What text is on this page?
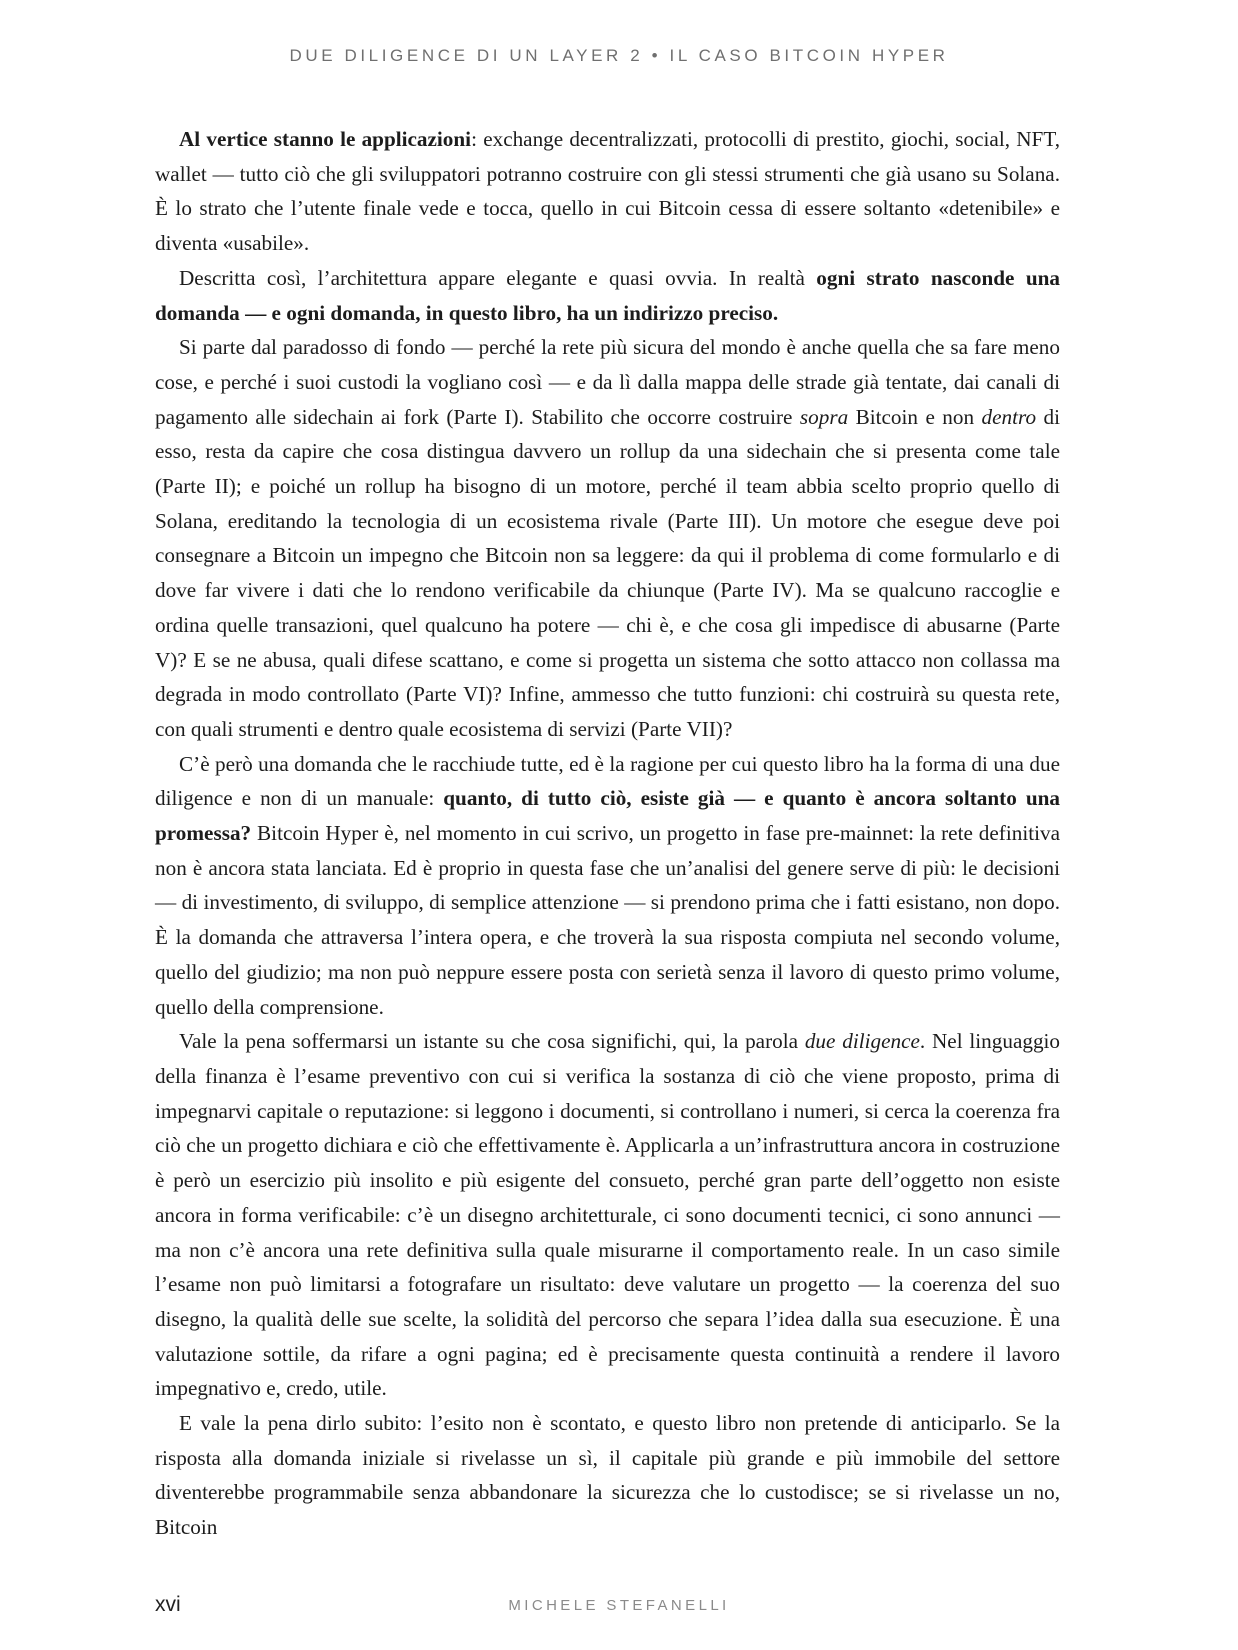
DUE DILIGENCE DI UN LAYER 2 • IL CASO BITCOIN HYPER

Al vertice stanno le applicazioni: exchange decentralizzati, protocolli di prestito, giochi, social, NFT, wallet — tutto ciò che gli sviluppatori potranno costruire con gli stessi strumenti che già usano su Solana. È lo strato che l’utente finale vede e tocca, quello in cui Bitcoin cessa di essere soltanto «detenibile» e diventa «usabile».

Descritta così, l’architettura appare elegante e quasi ovvia. In realtà ogni strato nasconde una domanda — e ogni domanda, in questo libro, ha un indirizzo preciso.

Si parte dal paradosso di fondo — perché la rete più sicura del mondo è anche quella che sa fare meno cose, e perché i suoi custodi la vogliano così — e da lì dalla mappa delle strade già tentate, dai canali di pagamento alle sidechain ai fork (Parte I). Stabilito che occorre costruire sopra Bitcoin e non dentro di esso, resta da capire che cosa distingua davvero un rollup da una sidechain che si presenta come tale (Parte II); e poiché un rollup ha bisogno di un motore, perché il team abbia scelto proprio quello di Solana, ereditando la tecnologia di un ecosistema rivale (Parte III). Un motore che esegue deve poi consegnare a Bitcoin un impegno che Bitcoin non sa leggere: da qui il problema di come formularlo e di dove far vivere i dati che lo rendono verificabile da chiunque (Parte IV). Ma se qualcuno raccoglie e ordina quelle transazioni, quel qualcuno ha potere — chi è, e che cosa gli impedisce di abusarne (Parte V)? E se ne abusa, quali difese scattano, e come si progetta un sistema che sotto attacco non collassa ma degrada in modo controllato (Parte VI)? Infine, ammesso che tutto funzioni: chi costruirà su questa rete, con quali strumenti e dentro quale ecosistema di servizi (Parte VII)?

C’è però una domanda che le racchiude tutte, ed è la ragione per cui questo libro ha la forma di una due diligence e non di un manuale: quanto, di tutto ciò, esiste già — e quanto è ancora soltanto una promessa? Bitcoin Hyper è, nel momento in cui scrivo, un progetto in fase pre-mainnet: la rete definitiva non è ancora stata lanciata. Ed è proprio in questa fase che un’analisi del genere serve di più: le decisioni — di investimento, di sviluppo, di semplice attenzione — si prendono prima che i fatti esistano, non dopo. È la domanda che attraversa l’intera opera, e che troverà la sua risposta compiuta nel secondo volume, quello del giudizio; ma non può neppure essere posta con serietà senza il lavoro di questo primo volume, quello della comprensione.

Vale la pena soffermarsi un istante su che cosa significhi, qui, la parola due diligence. Nel linguaggio della finanza è l’esame preventivo con cui si verifica la sostanza di ciò che viene proposto, prima di impegnarvi capitale o reputazione: si leggono i documenti, si controllano i numeri, si cerca la coerenza fra ciò che un progetto dichiara e ciò che effettivamente è. Applicarla a un’infrastruttura ancora in costruzione è però un esercizio più insolito e più esigente del consueto, perché gran parte dell’oggetto non esiste ancora in forma verificabile: c’è un disegno architetturale, ci sono documenti tecnici, ci sono annunci — ma non c’è ancora una rete definitiva sulla quale misurarne il comportamento reale. In un caso simile l’esame non può limitarsi a fotografare un risultato: deve valutare un progetto — la coerenza del suo disegno, la qualità delle sue scelte, la solidità del percorso che separa l’idea dalla sua esecuzione. È una valutazione sottile, da rifare a ogni pagina; ed è precisamente questa continuità a rendere il lavoro impegnativo e, credo, utile.

E vale la pena dirlo subito: l’esito non è scontato, e questo libro non pretende di anticiparlo. Se la risposta alla domanda iniziale si rivelasse un sì, il capitale più grande e più immobile del settore diventerebbe programmabile senza abbandonare la sicurezza che lo custodisce; se si rivelasse un no, Bitcoin

xvi	MICHELE STEFANELLI
